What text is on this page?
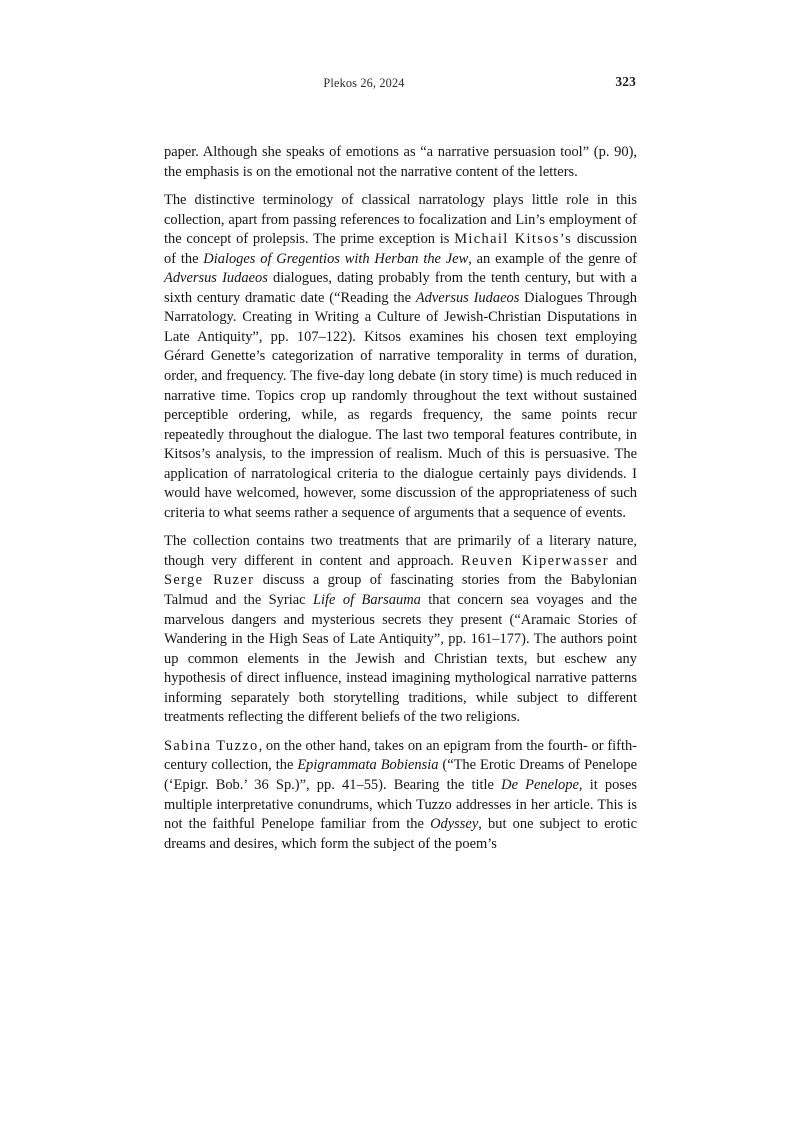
Plekos 26, 2024	323

paper. Although she speaks of emotions as “a narrative persuasion tool” (p. 90), the emphasis is on the emotional not the narrative content of the letters.

The distinctive terminology of classical narratology plays little role in this collection, apart from passing references to focalization and Lin’s employment of the concept of prolepsis. The prime exception is Michail Kitsos’s discussion of the Dialoges of Gregentios with Herban the Jew, an example of the genre of Adversus Iudaeos dialogues, dating probably from the tenth century, but with a sixth century dramatic date (“Reading the Adversus Iudaeos Dialogues Through Narratology. Creating in Writing a Culture of Jewish-Christian Disputations in Late Antiquity”, pp. 107–122). Kitsos examines his chosen text employing Gérard Genette’s categorization of narrative temporality in terms of duration, order, and frequency. The five-day long debate (in story time) is much reduced in narrative time. Topics crop up randomly throughout the text without sustained perceptible ordering, while, as regards frequency, the same points recur repeatedly throughout the dialogue. The last two temporal features contribute, in Kitsos’s analysis, to the impression of realism. Much of this is persuasive. The application of narratological criteria to the dialogue certainly pays dividends. I would have welcomed, however, some discussion of the appropriateness of such criteria to what seems rather a sequence of arguments that a sequence of events.

The collection contains two treatments that are primarily of a literary nature, though very different in content and approach. Reuven Kiperwasser and Serge Ruzer discuss a group of fascinating stories from the Babylonian Talmud and the Syriac Life of Barsauma that concern sea voyages and the marvelous dangers and mysterious secrets they present (“Aramaic Stories of Wandering in the High Seas of Late Antiquity”, pp. 161–177). The authors point up common elements in the Jewish and Christian texts, but eschew any hypothesis of direct influence, instead imagining mythological narrative patterns informing separately both storytelling traditions, while subject to different treatments reflecting the different beliefs of the two religions.

Sabina Tuzzo, on the other hand, takes on an epigram from the fourth- or fifth-century collection, the Epigrammata Bobiensia (“The Erotic Dreams of Penelope (‘Epigr. Bob.’ 36 Sp.)”, pp. 41–55). Bearing the title De Penelope, it poses multiple interpretative conundrums, which Tuzzo addresses in her article. This is not the faithful Penelope familiar from the Odyssey, but one subject to erotic dreams and desires, which form the subject of the poem’s
